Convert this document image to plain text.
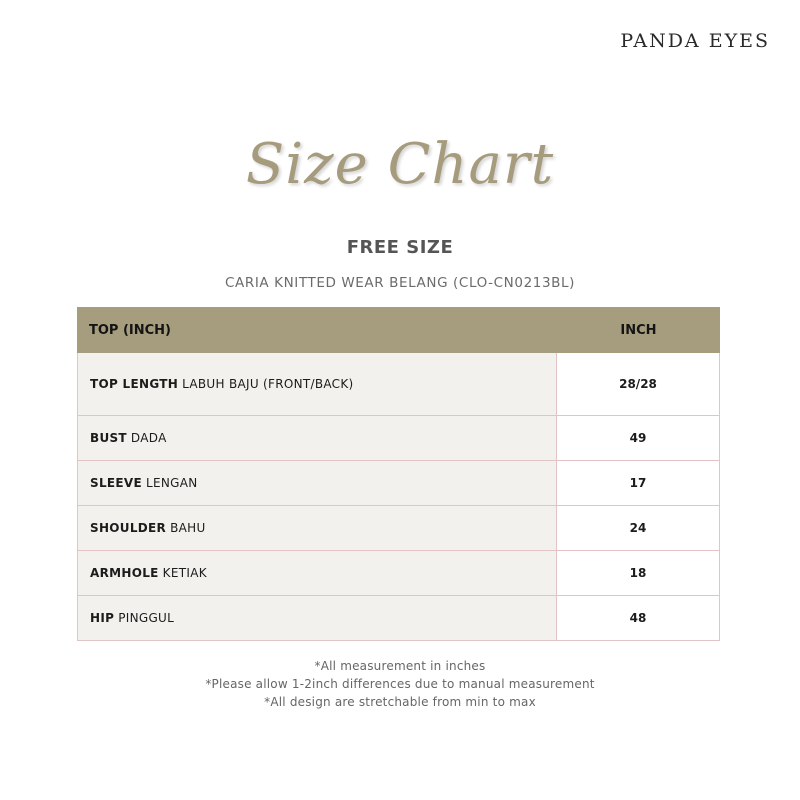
PANDA EYES
Size Chart
FREE SIZE
CARIA KNITTED WEAR BELANG (CLO-CN0213BL)
TOP (INCH)	INCH
TOP LENGTH LABUH BAJU (FRONT/BACK)	28/28
BUST DADA	49
SLEEVE LENGAN	17
SHOULDER BAHU	24
ARMHOLE KETIAK	18
HIP PINGGUL	48
*All measurement in inches
*Please allow 1-2inch differences due to manual measurement
*All design are stretchable from min to max
